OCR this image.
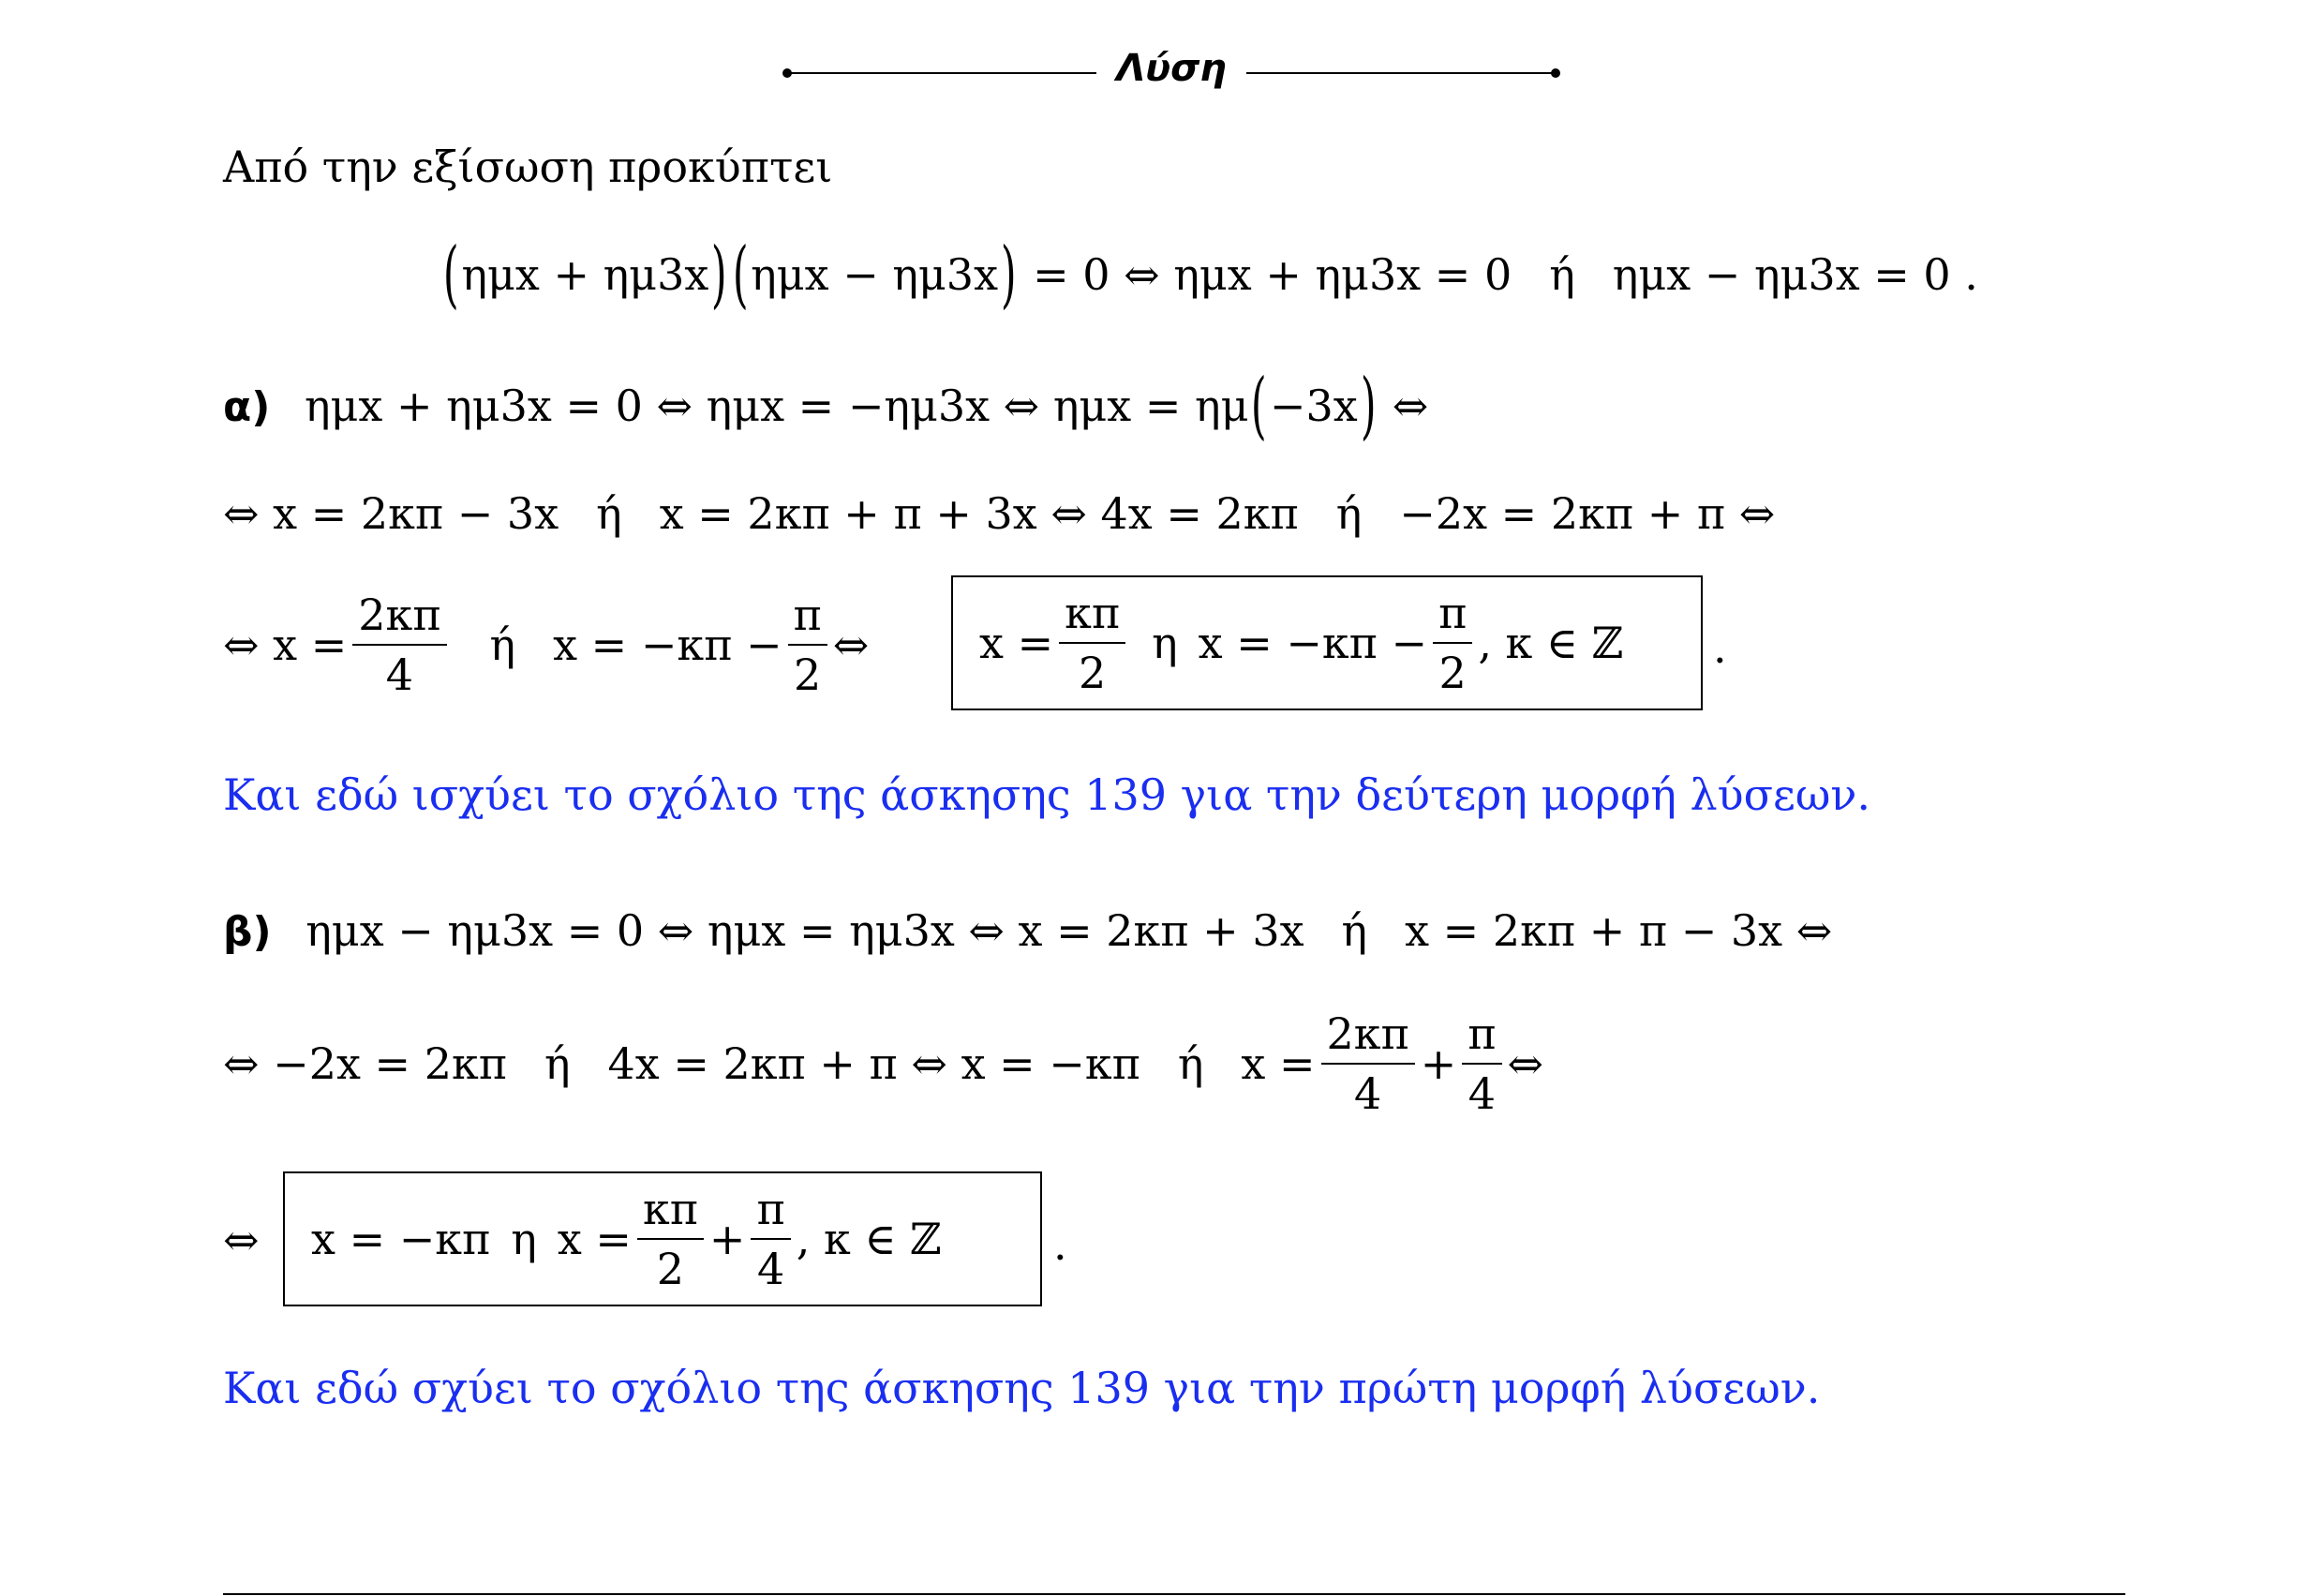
Λύση
Από την εξίσωση προκύπτει
(ημx + ημ3x)(ημx − ημ3x) = 0 ⇔ ημx + ημ3x = 0 ή ημx − ημ3x = 0 .
α) ημx + ημ3x = 0 ⇔ ημx = −ημ3x ⇔ ημx = ημ(−3x) ⇔
⇔ x = 2κπ − 3x ή x = 2κπ + π + 3x ⇔ 4x = 2κπ ή −2x = 2κπ + π ⇔
⇔ $x = \frac{2\kappa\pi}{4}$ ή $x = -\kappa\pi - \frac{\pi}{2}$ ⇔	$x = \frac{\kappa\pi}{2}$ η $x = -\kappa\pi - \frac{\pi}{2}$ , κ ∈ ℤ .
Και εδώ ισχύει το σχόλιο της άσκησης 139 για την δεύτερη μορφή λύσεων.
β) ημx − ημ3x = 0 ⇔ ημx = ημ3x ⇔ x = 2κπ + 3x ή x = 2κπ + π − 3x ⇔
⇔ −2x = 2κπ ή 4x = 2κπ + π ⇔ x = −κπ ή $x = \frac{2\kappa\pi}{4} + \frac{\pi}{4}$ ⇔
⇔ x = −κπ η $x = \frac{\kappa\pi}{2} + \frac{\pi}{4}$ , κ ∈ ℤ	.
Και εδώ σχύει το σχόλιο της άσκησης 139 για την πρώτη μορφή λύσεων.
